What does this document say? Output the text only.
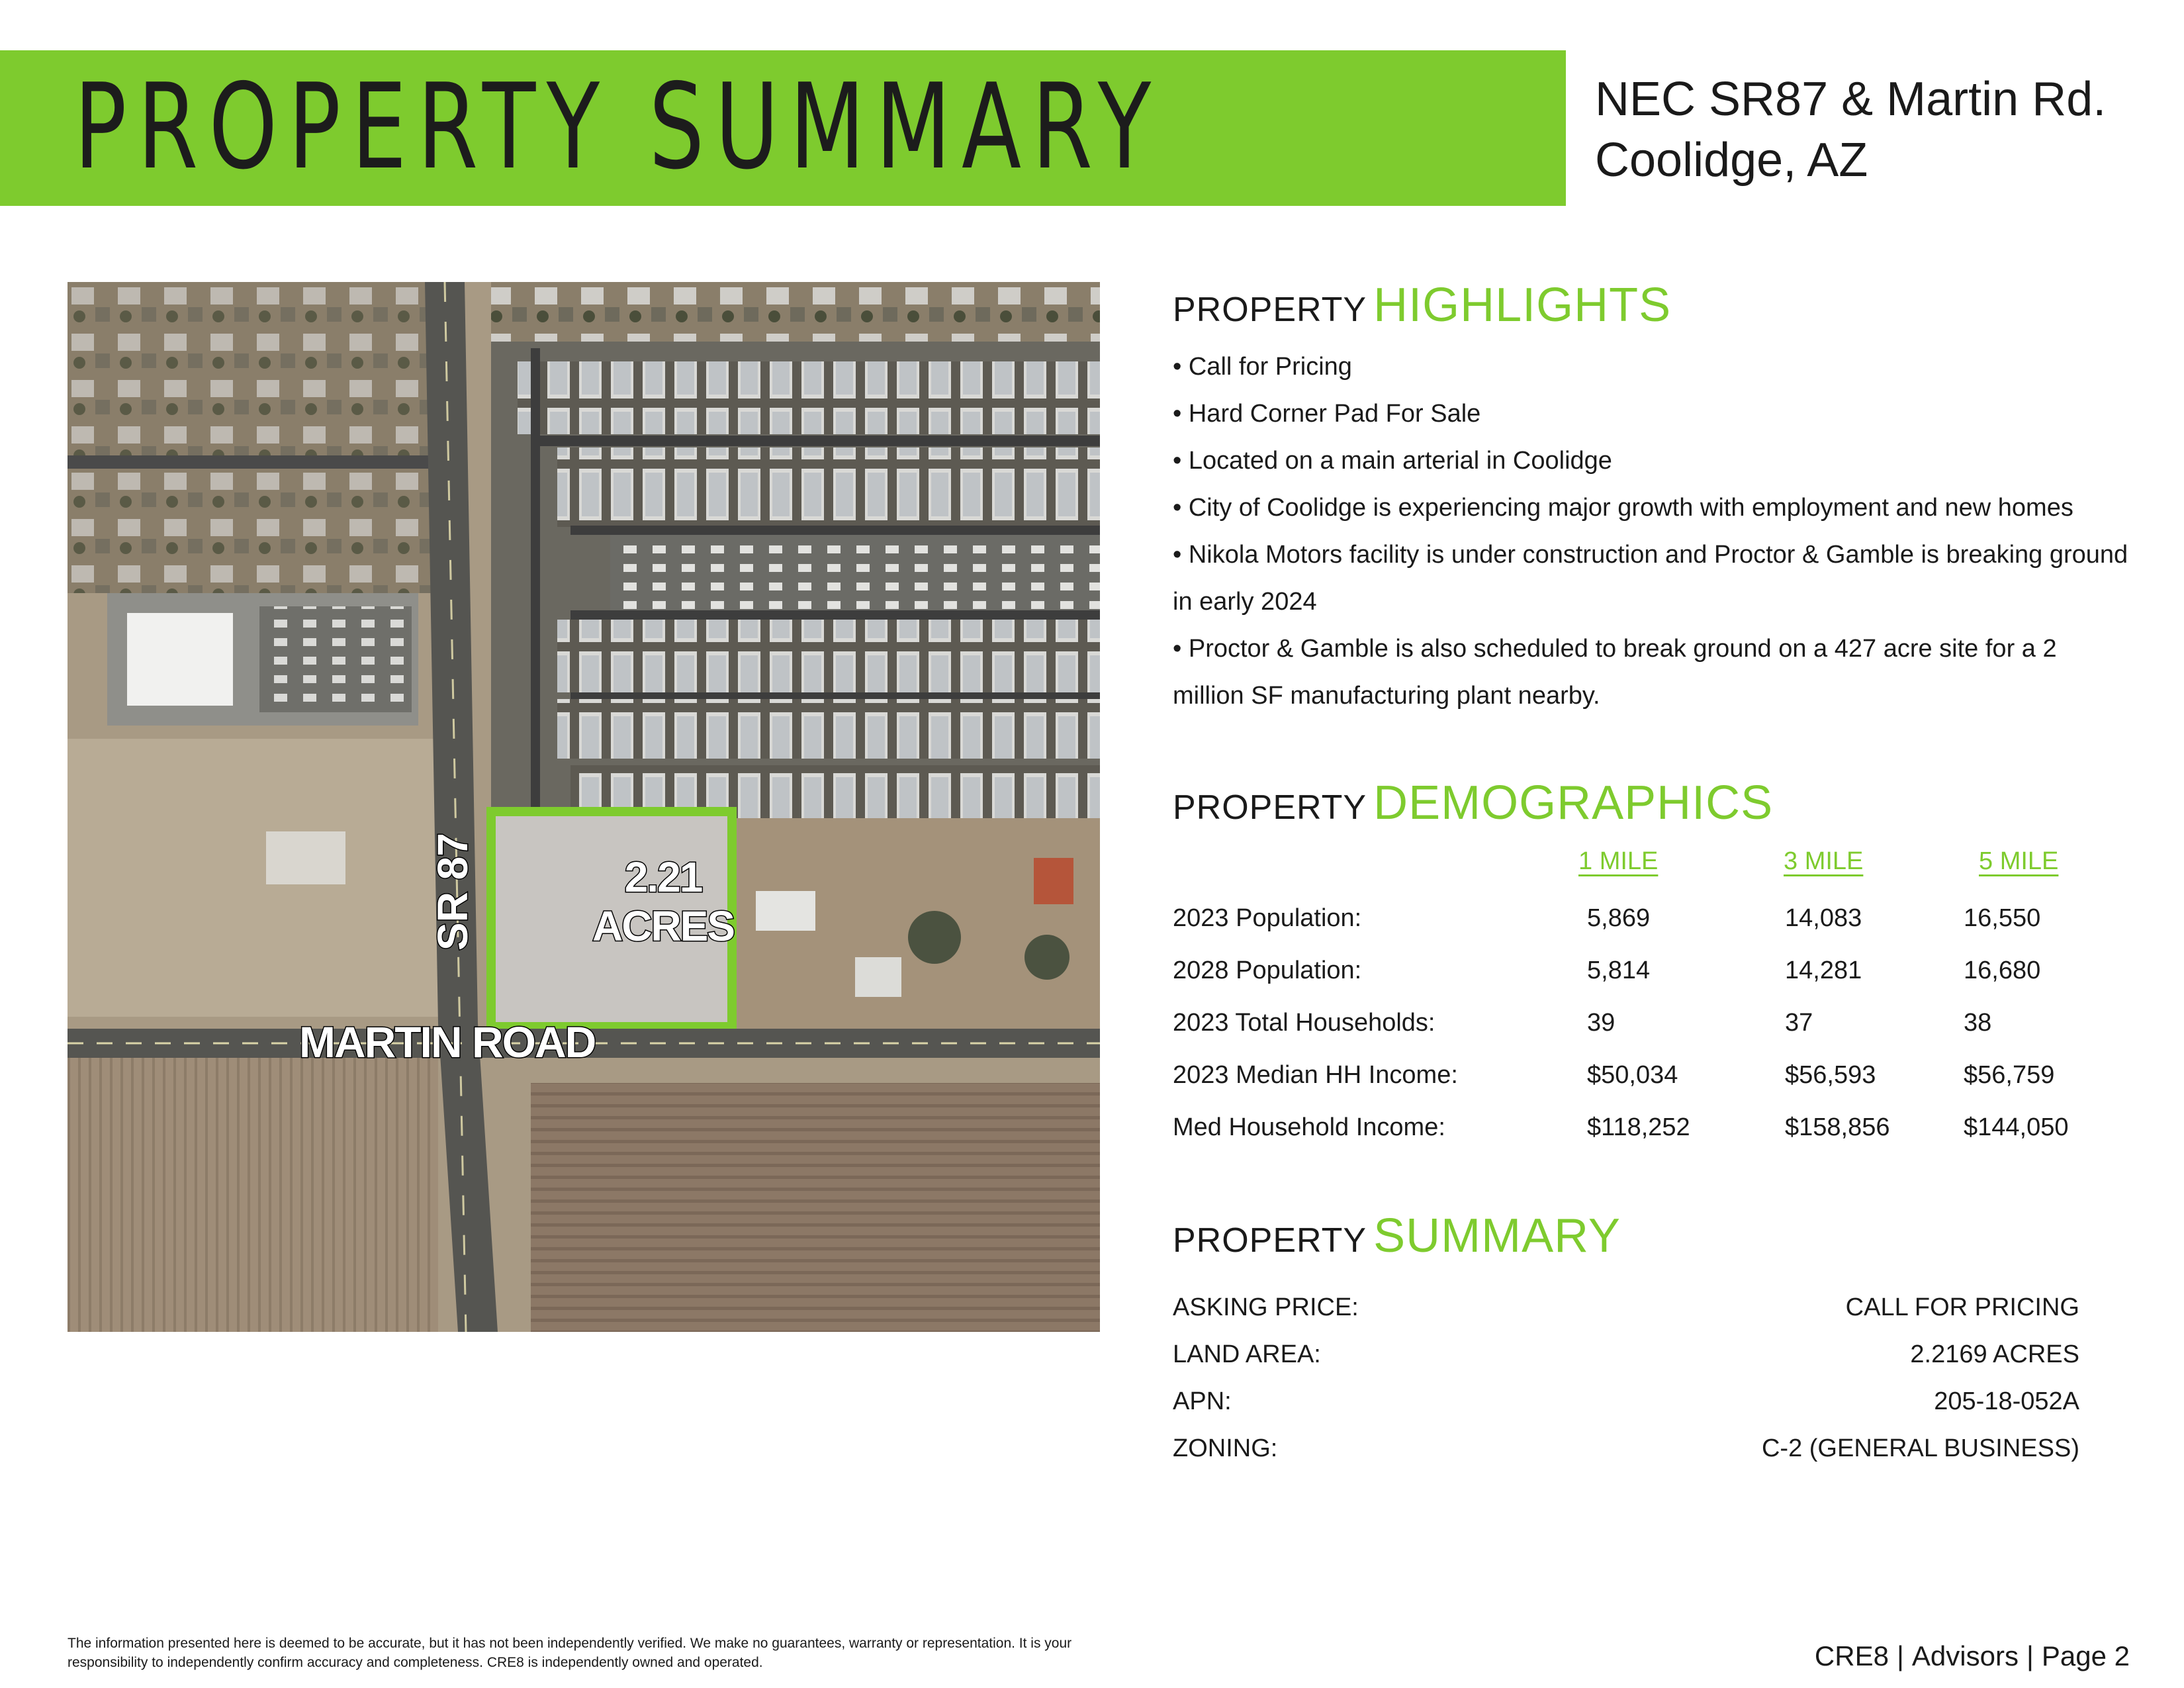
PROPERTY SUMMARY	NEC SR87 & Martin Rd.
Coolidge, AZ
2.21
ACRES
MARTIN ROAD
SR 87
PROPERTY HIGHLIGHTS
• Call for Pricing
• Hard Corner Pad For Sale
• Located on a main arterial in Coolidge
• City of Coolidge is experiencing major growth with employment and new homes
• Nikola Motors facility is under construction and Proctor & Gamble is breaking ground in early 2024
• Proctor & Gamble is also scheduled to break ground on a 427 acre site for a 2 million SF manufacturing plant nearby.
PROPERTY DEMOGRAPHICS
1 MILE	3 MILE	5 MILE
2023 Population:	5,869	14,083	16,550
2028 Population:	5,814	14,281	16,680
2023 Total Households:	39	37	38
2023 Median HH Income:	$50,034	$56,593	$56,759
Med Household Income:	$118,252	$158,856	$144,050
PROPERTY SUMMARY
ASKING PRICE:	CALL FOR PRICING
LAND AREA:	2.2169 ACRES
APN:	205-18-052A
ZONING:	C-2 (GENERAL BUSINESS)
The information presented here is deemed to be accurate, but it has not been independently verified. We make no guarantees, warranty or representation. It is your responsibility to independently confirm accuracy and completeness. CRE8 is independently owned and operated.	CRE8 | Advisors | Page 2
